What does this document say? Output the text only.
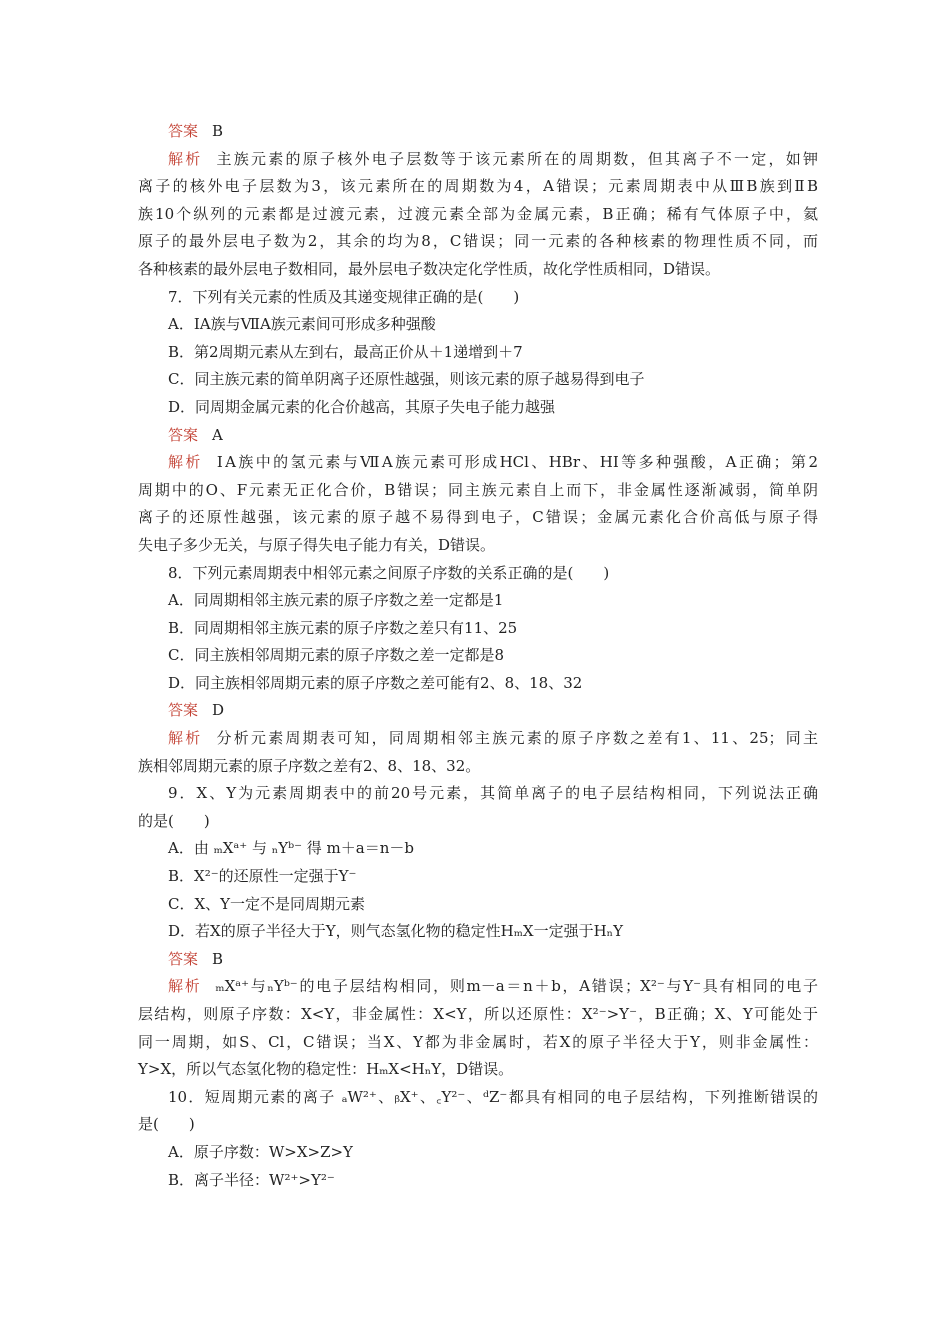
答案 B
解析 主族元素的原子核外电子层数等于该元素所在的周期数，但其离子不一定，如钾
离子的核外电子层数为3，该元素所在的周期数为4，A错误；元素周期表中从ⅢB族到ⅡB
族10个纵列的元素都是过渡元素，过渡元素全部为金属元素，B正确；稀有气体原子中，氦
原子的最外层电子数为2，其余的均为8，C错误；同一元素的各种核素的物理性质不同，而
各种核素的最外层电子数相同，最外层电子数决定化学性质，故化学性质相同，D错误。
7．下列有关元素的性质及其递变规律正确的是(　　)
A．ⅠA族与ⅦA族元素间可形成多种强酸
B．第2周期元素从左到右，最高正价从＋1递增到＋7
C．同主族元素的简单阴离子还原性越强，则该元素的原子越易得到电子
D．同周期金属元素的化合价越高，其原子失电子能力越强
答案 A
解析 ⅠA族中的氢元素与ⅦA族元素可形成HCl、HBr、HI等多种强酸，A正确；第2
周期中的O、F元素无正化合价，B错误；同主族元素自上而下，非金属性逐渐减弱，简单阴
离子的还原性越强，该元素的原子越不易得到电子，C错误；金属元素化合价高低与原子得
失电子多少无关，与原子得失电子能力有关，D错误。
8．下列元素周期表中相邻元素之间原子序数的关系正确的是(　　)
A．同周期相邻主族元素的原子序数之差一定都是1
B．同周期相邻主族元素的原子序数之差只有11、25
C．同主族相邻周期元素的原子序数之差一定都是8
D．同主族相邻周期元素的原子序数之差可能有2、8、18、32
答案 D
解析 分析元素周期表可知，同周期相邻主族元素的原子序数之差有1、11、25；同主
族相邻周期元素的原子序数之差有2、8、18、32。
9．X、Y为元素周期表中的前20号元素，其简单离子的电子层结构相同，下列说法正确
的是(　　)
A．由 ₘXᵃ⁺ 与 ₙYᵇ⁻ 得 m＋a＝n－b
B．X²⁻的还原性一定强于Y⁻
C．X、Y一定不是同周期元素
D．若X的原子半径大于Y，则气态氢化物的稳定性HₘX一定强于HₙY
答案 B
解析 ₘXᵃ⁺与ₙYᵇ⁻的电子层结构相同，则m－a＝n＋b，A错误；X²⁻与Y⁻具有相同的电子
层结构，则原子序数：X<Y，非金属性：X<Y，所以还原性：X²⁻>Y⁻，B正确；X、Y可能处于
同一周期，如S、Cl，C错误；当X、Y都为非金属时，若X的原子半径大于Y，则非金属性：
Y>X，所以气态氢化物的稳定性：HₘX<HₙY，D错误。
10．短周期元素的离子 ₐW²⁺、ᵦX⁺、꜀Y²⁻、ᵈZ⁻都具有相同的电子层结构，下列推断错误的
是(　　)
A．原子序数：W>X>Z>Y
B．离子半径：W²⁺>Y²⁻
